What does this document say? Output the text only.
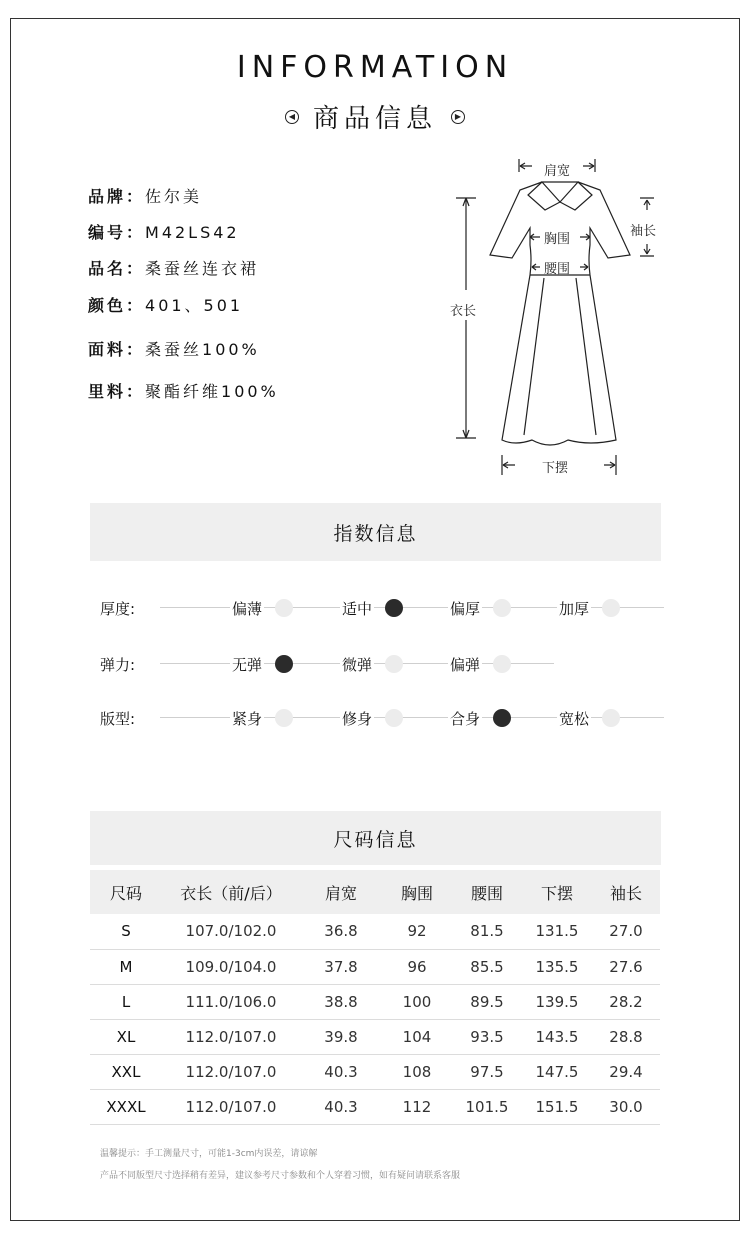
INFORMATION
◀ 商品信息	▶
品牌：佐尔美
编号：M42LS42
品名：桑蚕丝连衣裙
颜色：401、501
面料：桑蚕丝100%
里料：聚酯纤维100%
肩宽
袖长
胸围
腰围
衣长
下摆
指数信息
厚度:	偏薄	适中	偏厚	加厚
弹力:	无弹	微弹	偏弹
版型:	紧身	修身	合身	宽松
尺码信息
尺码	衣长（前/后）	肩宽	胸围	腰围	下摆	袖长
S	107.0/102.0	36.8	92	81.5	131.5	27.0
M	109.0/104.0	37.8	96	85.5	135.5	27.6
L	111.0/106.0	38.8	100	89.5	139.5	28.2
XL	112.0/107.0	39.8	104	93.5	143.5	28.8
XXL	112.0/107.0	40.3	108	97.5	147.5	29.4
XXXL	112.0/107.0	40.3	112	101.5	151.5	30.0
温馨提示：手工测量尺寸，可能1-3cm内误差，请谅解
产品不同版型尺寸选择稍有差异，建议参考尺寸参数和个人穿着习惯，如有疑问请联系客服
